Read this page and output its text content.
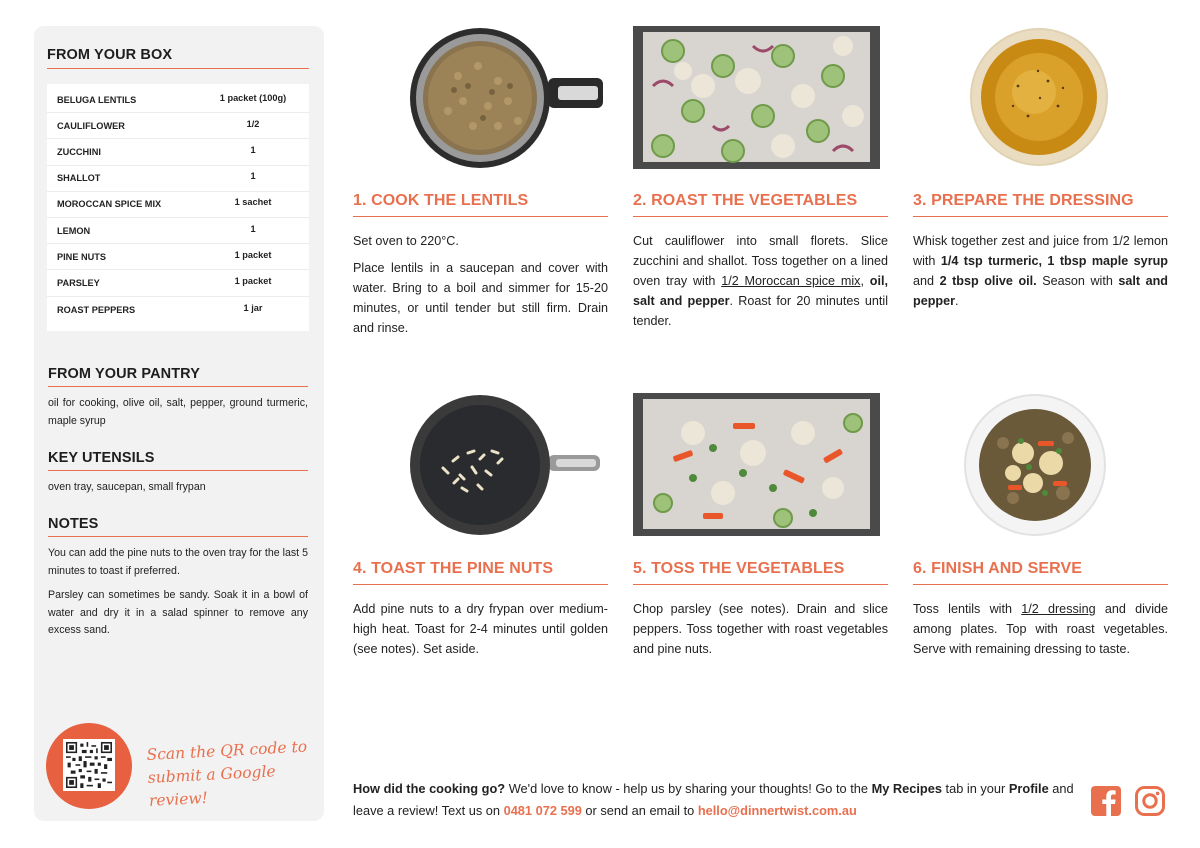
FROM YOUR BOX
BELUGA LENTILS	1 packet (100g)
CAULIFLOWER	1/2
ZUCCHINI	1
SHALLOT	1
MOROCCAN SPICE MIX	1 sachet
LEMON	1
PINE NUTS	1 packet
PARSLEY	1 packet
ROAST PEPPERS	1 jar
FROM YOUR PANTRY
oil for cooking, olive oil, salt, pepper, ground turmeric, maple syrup
KEY UTENSILS
oven tray, saucepan, small frypan
NOTES

You can add the pine nuts to the oven tray for the last 5 minutes to toast if preferred.

Parsley can sometimes be sandy. Soak it in a bowl of water and dry it in a salad spinner to remove any excess sand.

Scan the QR code to
submit a Google review!
1. COOK THE LENTILS

Set oven to 220°C.

Place lentils in a saucepan and cover with water. Bring to a boil and simmer for 15-20 minutes, or until tender but still firm. Drain and rinse.

2. ROAST THE VEGETABLES
Cut cauliflower into small florets. Slice zucchini and shallot. Toss together on a lined oven tray with 1/2 Moroccan spice mix, oil, salt and pepper. Roast for 20 minutes until tender.
3. PREPARE THE DRESSING
Whisk together zest and juice from 1/2 lemon with 1/4 tsp turmeric, 1 tbsp maple syrup and 2 tbsp olive oil. Season with salt and pepper.
4. TOAST THE PINE NUTS

Add pine nuts to a dry frypan over medium-high heat. Toast for 2-4 minutes until golden (see notes). Set aside.

5. TOSS THE VEGETABLES

Chop parsley (see notes). Drain and slice peppers. Toss together with roast vegetables and pine nuts.

6. FINISH AND SERVE
Toss lentils with 1/2 dressing and divide among plates. Top with roast vegetables. Serve with remaining dressing to taste.
How did the cooking go? We'd love to know - help us by sharing your thoughts! Go to the My Recipes tab in your Profile and leave a review! Text us on 0481 072 599 or send an email to hello@dinnertwist.com.au
